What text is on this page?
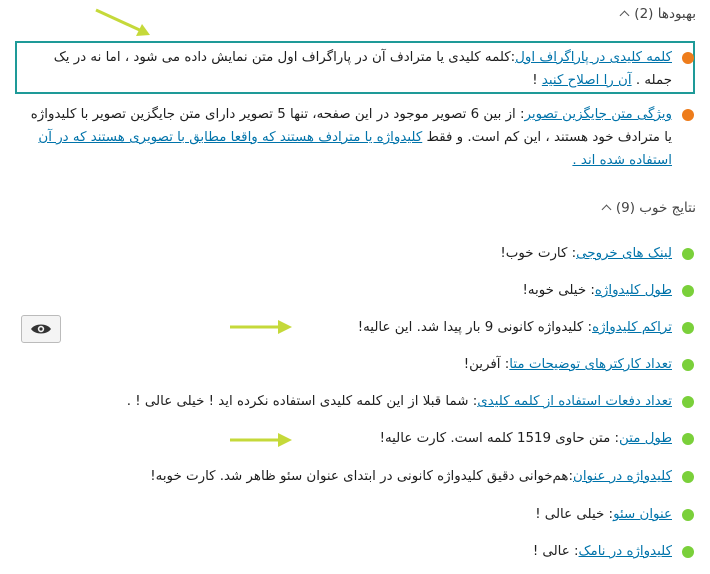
بهبودها (2)
کلمه کلیدی در پاراگراف اول:کلمه کلیدی یا مترادف آن در پاراگراف اول متن نمایش داده می شود ، اما نه در یک جمله . آن را اصلاح کنید !
ویژگی متن جایگزین تصویر: از بین 6 تصویر موجود در این صفحه، تنها 5 تصویر دارای متن جایگزین تصویر با کلیدواژه یا مترادف خود هستند ، این کم است. و فقط کلیدواژه یا مترادف هستند که واقعا مطابق با تصویری هستند که در آن استفاده شده اند .
نتایج خوب (9)
لینک های خروجی: کارت خوب!
طول کلیدواژه: خیلی خوبه!
تراکم کلیدواژه: کلیدواژه کانونی 9 بار پیدا شد. این عالیه!
تعداد کارکترهای توضیحات متا: آفرین!
تعداد دفعات استفاده از کلمه کلیدی: شما قبلا از این کلمه کلیدی استفاده نکرده اید ! خیلی عالی ! .
طول متن: متن حاوی 1519 کلمه است. کارت عالیه!
کلیدواژه در عنوان:هم‌خوانی دقیق کلیدواژه کانونی در ابتدای عنوان سئو ظاهر شد. کارت خوبه!
عنوان سئو: خیلی عالی !
کلیدواژه در نامک: عالی !
